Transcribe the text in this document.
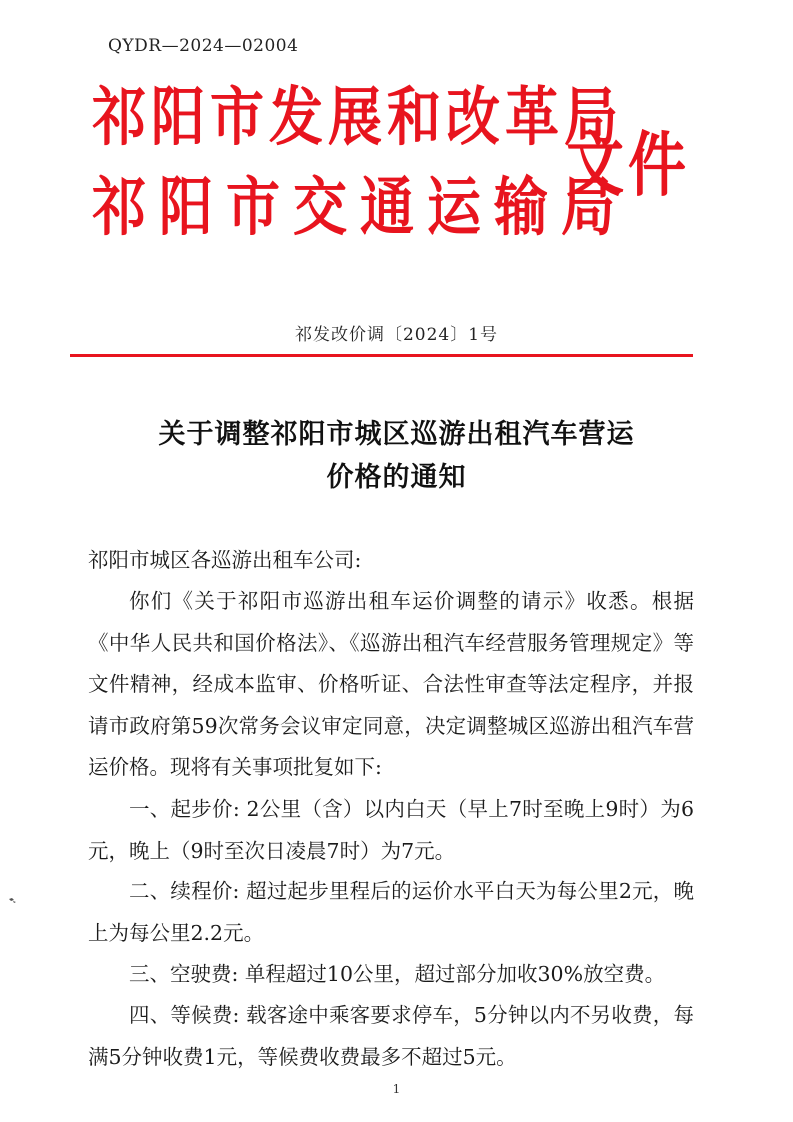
QYDR—2024—02004
祁阳市发展和改革局
祁阳市交通运输局
文件
祁发改价调〔2024〕1号
关于调整祁阳市城区巡游出租汽车营运
价格的通知
祁阳市城区各巡游出租车公司:
你们《关于祁阳市巡游出租车运价调整的请示》收悉。根据《中华人民共和国价格法》、《巡游出租汽车经营服务管理规定》等文件精神，经成本监审、价格听证、合法性审查等法定程序，并报请市政府第59次常务会议审定同意，决定调整城区巡游出租汽车营运价格。现将有关事项批复如下:
一、起步价: 2公里（含）以内白天（早上7时至晚上9时）为6元，晚上（9时至次日凌晨7时）为7元。
二、续程价: 超过起步里程后的运价水平白天为每公里2元，晚上为每公里2.2元。
三、空驶费: 单程超过10公里，超过部分加收30%放空费。
四、等候费: 载客途中乘客要求停车，5分钟以内不另收费，每满5分钟收费1元，等候费收费最多不超过5元。
1
